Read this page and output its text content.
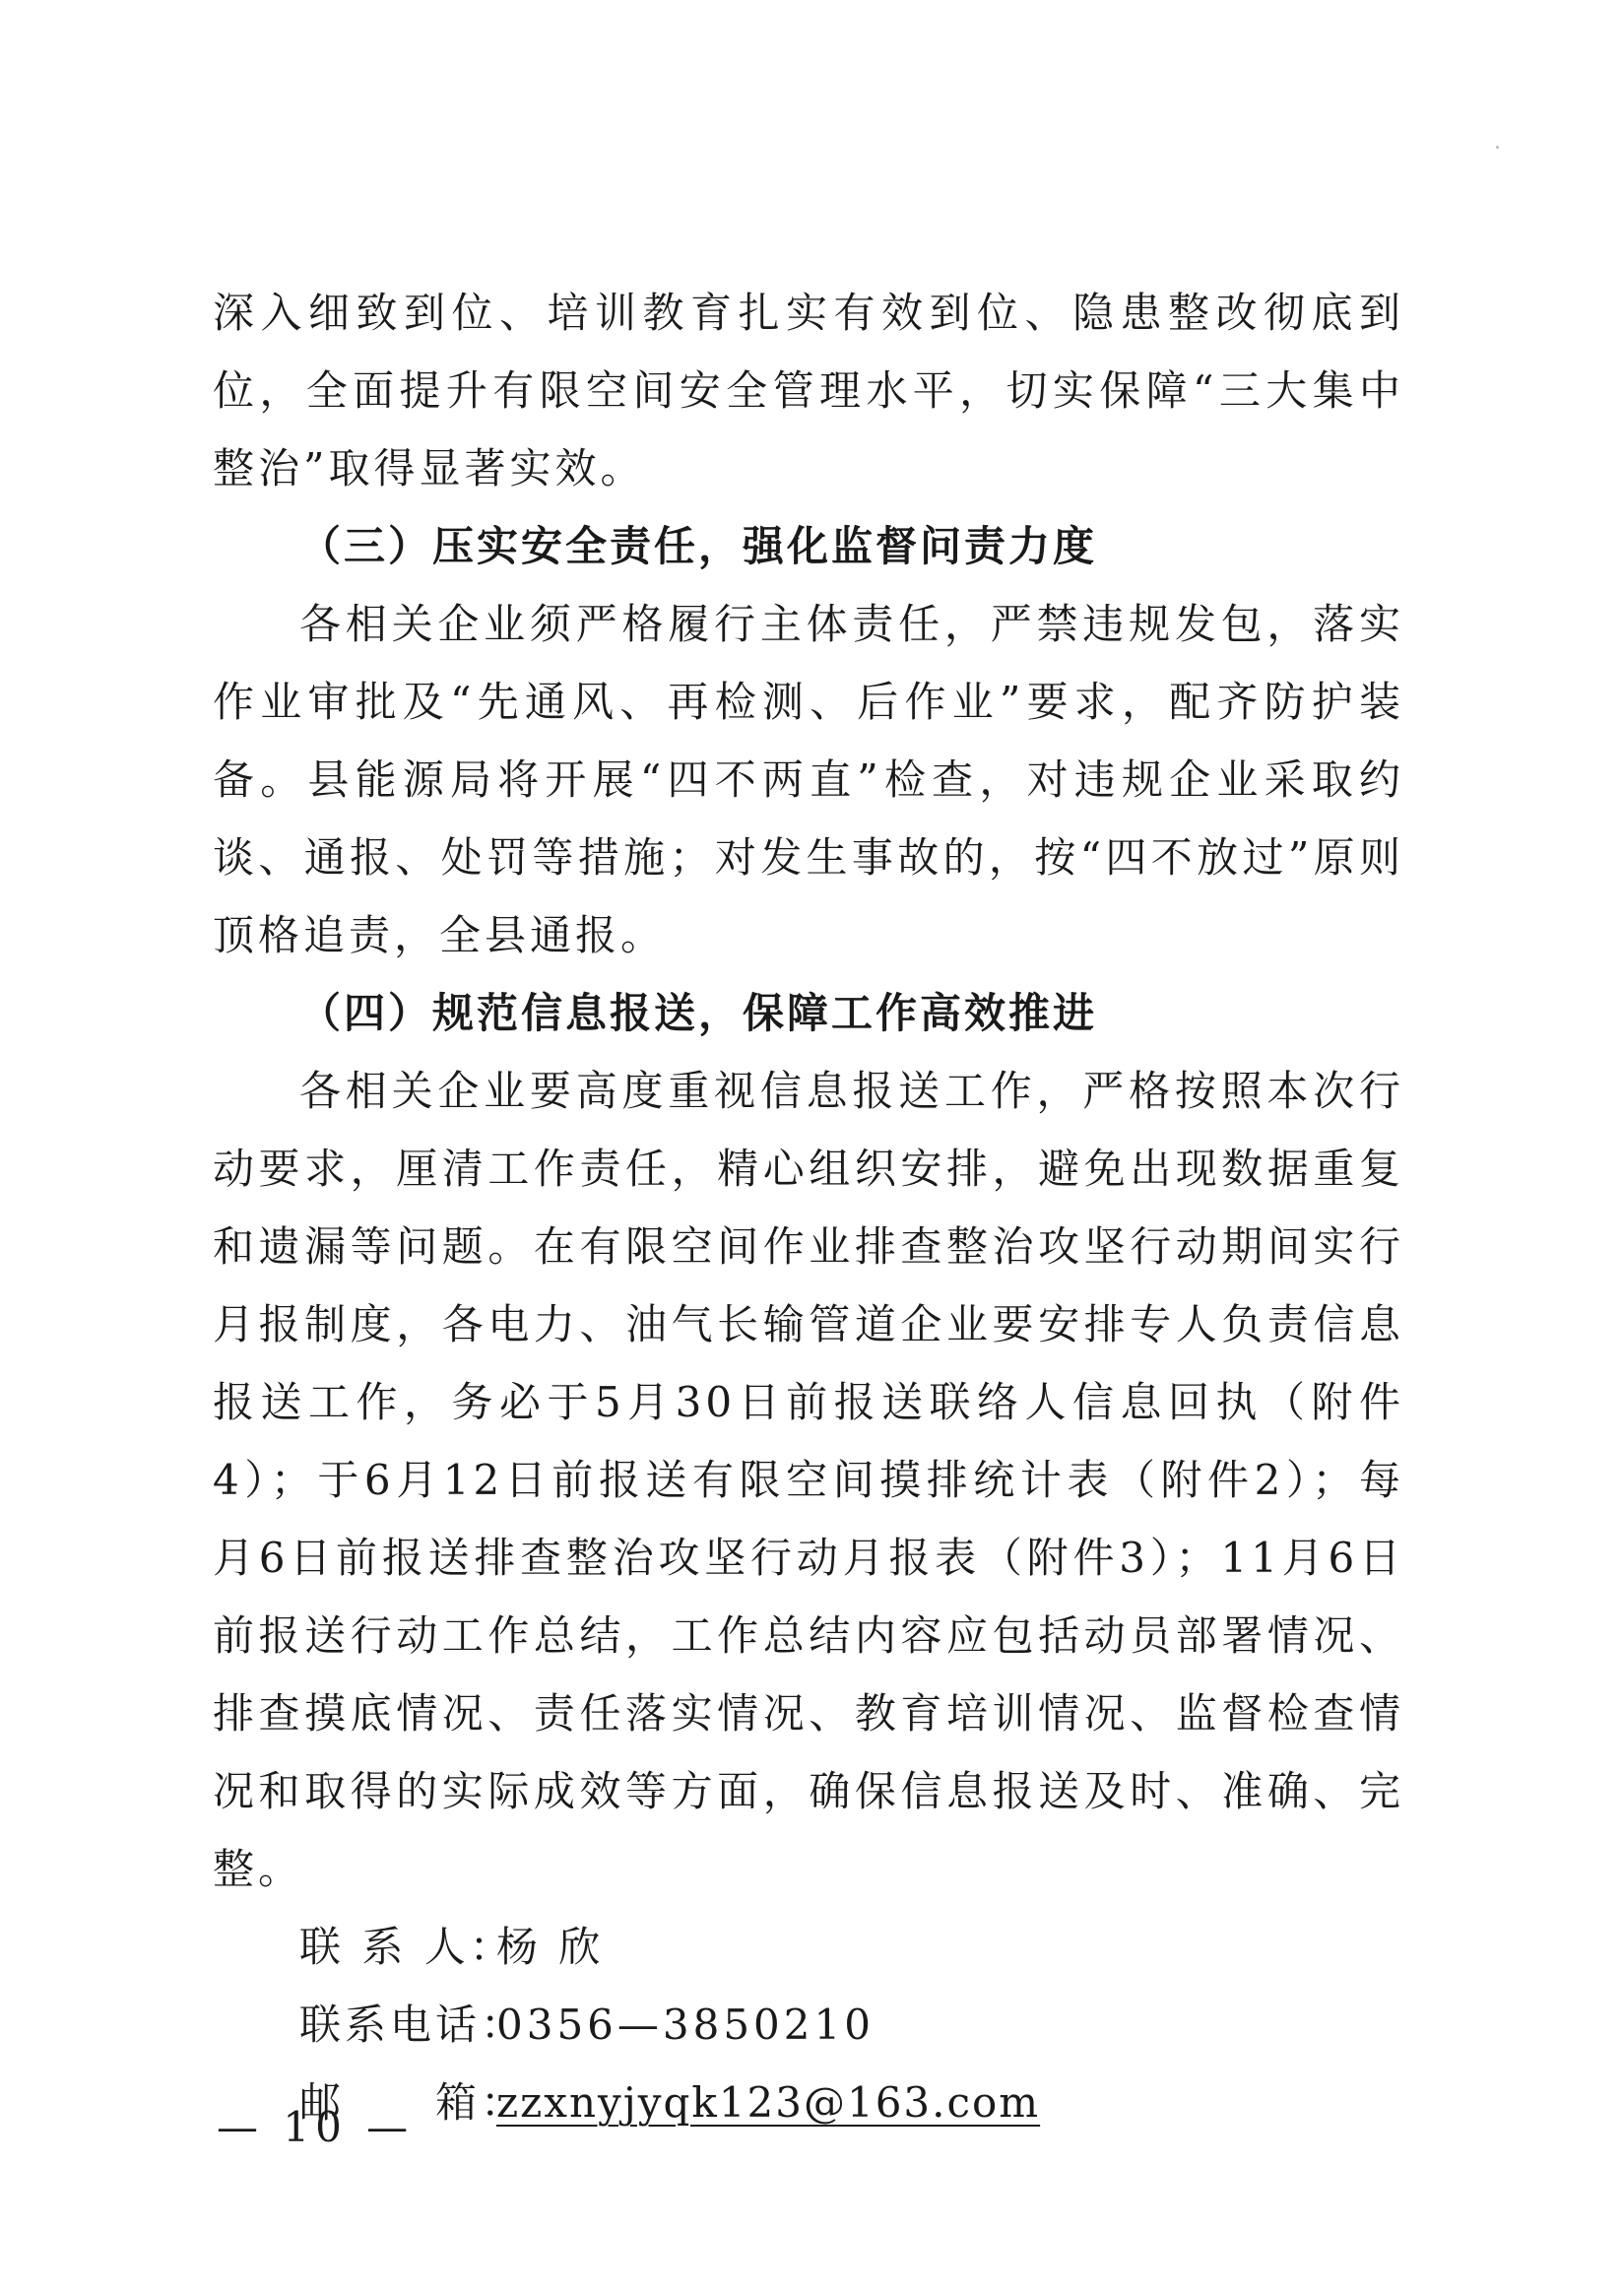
深入细致到位、培训教育扎实有效到位、隐患整改彻底到位，全面提升有限空间安全管理水平，切实保障“三大集中整治”取得显著实效。

（三）压实安全责任，强化监督问责力度

各相关企业须严格履行主体责任，严禁违规发包，落实作业审批及“先通风、再检测、后作业”要求，配齐防护装备。县能源局将开展“四不两直”检查，对违规企业采取约谈、通报、处罚等措施；对发生事故的，按“四不放过”原则顶格追责，全县通报。

（四）规范信息报送，保障工作高效推进

各相关企业要高度重视信息报送工作，严格按照本次行动要求，厘清工作责任，精心组织安排，避免出现数据重复和遗漏等问题。在有限空间作业排查整治攻坚行动期间实行月报制度，各电力、油气长输管道企业要安排专人负责信息报送工作，务必于5月30日前报送联络人信息回执（附件4）；于6月12日前报送有限空间摸排统计表（附件2）；每月6日前报送排查整治攻坚行动月报表（附件3）；11月6日前报送行动工作总结，工作总结内容应包括动员部署情况、排查摸底情况、责任落实情况、教育培训情况、监督检查情况和取得的实际成效等方面，确保信息报送及时、准确、完整。

联 系 人：杨 欣

联系电话：0356—3850210

邮　　箱：zzxnyjyqk123@163.com

— 10 —
